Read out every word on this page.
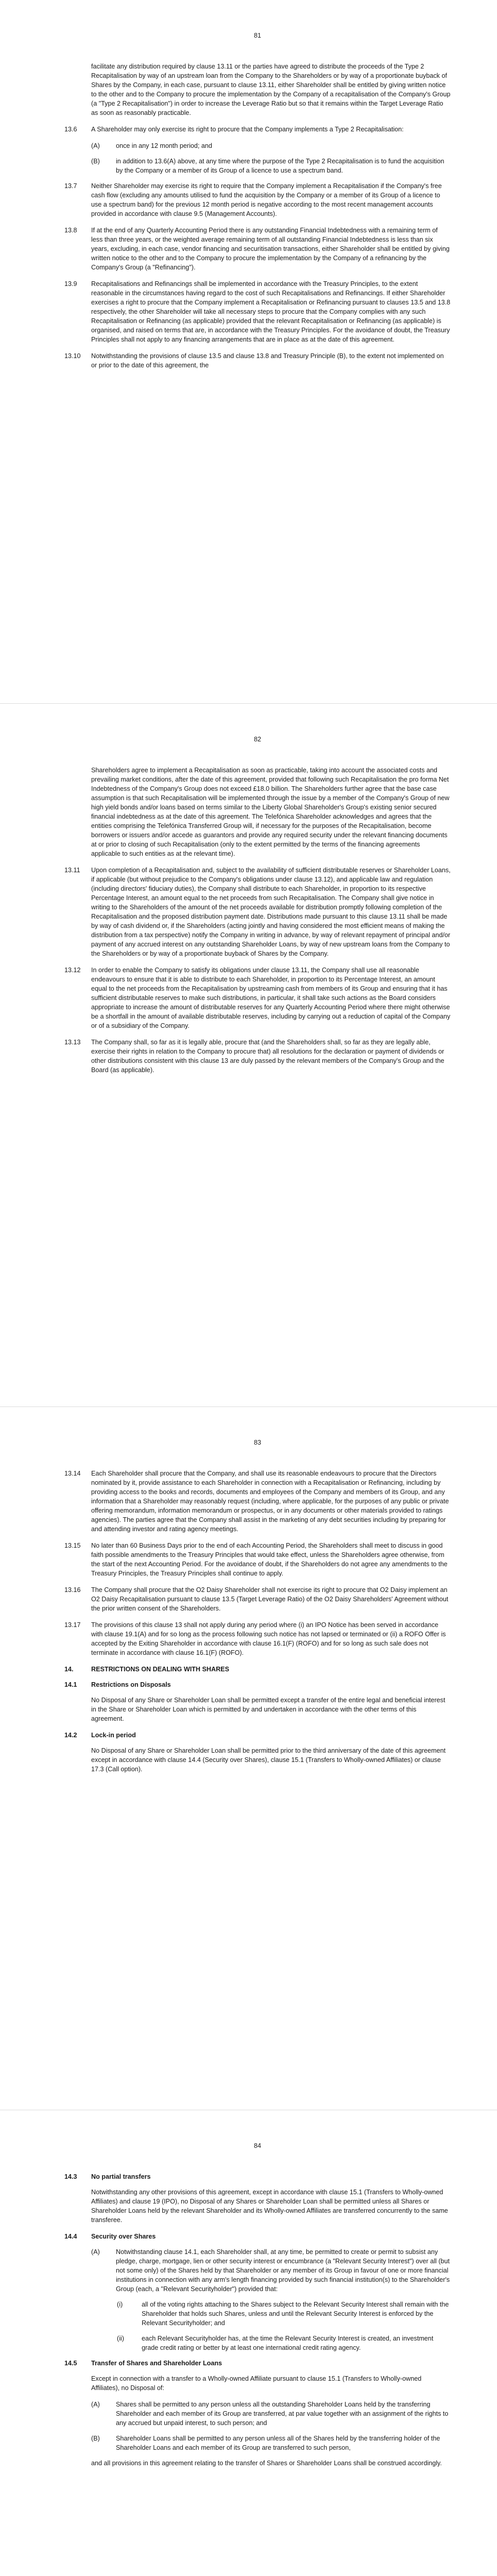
81
facilitate any distribution required by clause 13.11 or the parties have agreed to distribute the proceeds of the Type 2 Recapitalisation by way of an upstream loan from the Company to the Shareholders or by way of a proportionate buyback of Shares by the Company, in each case, pursuant to clause 13.11, either Shareholder shall be entitled by giving written notice to the other and to the Company to procure the implementation by the Company of a recapitalisation of the Company's Group (a "Type 2 Recapitalisation") in order to increase the Leverage Ratio but so that it remains within the Target Leverage Ratio as soon as reasonably practicable.
13.6 A Shareholder may only exercise its right to procure that the Company implements a Type 2 Recapitalisation:
(A) once in any 12 month period; and
(B) in addition to 13.6(A) above, at any time where the purpose of the Type 2 Recapitalisation is to fund the acquisition by the Company or a member of its Group of a licence to use a spectrum band.
13.7 Neither Shareholder may exercise its right to require that the Company implement a Recapitalisation if the Company's free cash flow (excluding any amounts utilised to fund the acquisition by the Company or a member of its Group of a licence to use a spectrum band) for the previous 12 month period is negative according to the most recent management accounts provided in accordance with clause 9.5 (Management Accounts).
13.8 If at the end of any Quarterly Accounting Period there is any outstanding Financial Indebtedness with a remaining term of less than three years, or the weighted average remaining term of all outstanding Financial Indebtedness is less than six years, excluding, in each case, vendor financing and securitisation transactions, either Shareholder shall be entitled by giving written notice to the other and to the Company to procure the implementation by the Company of a refinancing by the Company's Group (a "Refinancing").
13.9 Recapitalisations and Refinancings shall be implemented in accordance with the Treasury Principles, to the extent reasonable in the circumstances having regard to the cost of such Recapitalisations and Refinancings. If either Shareholder exercises a right to procure that the Company implement a Recapitalisation or Refinancing pursuant to clauses 13.5 and 13.8 respectively, the other Shareholder will take all necessary steps to procure that the Company complies with any such Recapitalisation or Refinancing (as applicable) provided that the relevant Recapitalisation or Refinancing (as applicable) is organised, and raised on terms that are, in accordance with the Treasury Principles. For the avoidance of doubt, the Treasury Principles shall not apply to any financing arrangements that are in place as at the date of this agreement.
13.10 Notwithstanding the provisions of clause 13.5 and clause 13.8 and Treasury Principle (B), to the extent not implemented on or prior to the date of this agreement, the
82
Shareholders agree to implement a Recapitalisation as soon as practicable, taking into account the associated costs and prevailing market conditions, after the date of this agreement, provided that following such Recapitalisation the pro forma Net Indebtedness of the Company's Group does not exceed £18.0 billion. The Shareholders further agree that the base case assumption is that such Recapitalisation will be implemented through the issue by a member of the Company's Group of new high yield bonds and/or loans based on terms similar to the Liberty Global Shareholder's Group's existing senior secured financial indebtedness as at the date of this agreement. The Telefónica Shareholder acknowledges and agrees that the entities comprising the Telefónica Transferred Group will, if necessary for the purposes of the Recapitalisation, become borrowers or issuers and/or accede as guarantors and provide any required security under the relevant financing documents at or prior to closing of such Recapitalisation (only to the extent permitted by the terms of the financing agreements applicable to such entities as at the relevant time).
13.11 Upon completion of a Recapitalisation and, subject to the availability of sufficient distributable reserves or Shareholder Loans, if applicable (but without prejudice to the Company's obligations under clause 13.12), and applicable law and regulation (including directors' fiduciary duties), the Company shall distribute to each Shareholder, in proportion to its respective Percentage Interest, an amount equal to the net proceeds from such Recapitalisation. The Company shall give notice in writing to the Shareholders of the amount of the net proceeds available for distribution promptly following completion of the Recapitalisation and the proposed distribution payment date. Distributions made pursuant to this clause 13.11 shall be made by way of cash dividend or, if the Shareholders (acting jointly and having considered the most efficient means of making the distribution from a tax perspective) notify the Company in writing in advance, by way of relevant repayment of principal and/or payment of any accrued interest on any outstanding Shareholder Loans, by way of new upstream loans from the Company to the Shareholders or by way of a proportionate buyback of Shares by the Company.
13.12 In order to enable the Company to satisfy its obligations under clause 13.11, the Company shall use all reasonable endeavours to ensure that it is able to distribute to each Shareholder, in proportion to its Percentage Interest, an amount equal to the net proceeds from the Recapitalisation by upstreaming cash from members of its Group and ensuring that it has sufficient distributable reserves to make such distributions, in particular, it shall take such actions as the Board considers appropriate to increase the amount of distributable reserves for any Quarterly Accounting Period where there might otherwise be a shortfall in the amount of available distributable reserves, including by carrying out a reduction of capital of the Company or of a subsidiary of the Company.
13.13 The Company shall, so far as it is legally able, procure that (and the Shareholders shall, so far as they are legally able, exercise their rights in relation to the Company to procure that) all resolutions for the declaration or payment of dividends or other distributions consistent with this clause 13 are duly passed by the relevant members of the Company's Group and the Board (as applicable).
83
13.14 Each Shareholder shall procure that the Company, and shall use its reasonable endeavours to procure that the Directors nominated by it, provide assistance to each Shareholder in connection with a Recapitalisation or Refinancing, including by providing access to the books and records, documents and employees of the Company and members of its Group, and any information that a Shareholder may reasonably request (including, where applicable, for the purposes of any public or private offering memorandum, information memorandum or prospectus, or in any documents or other materials provided to ratings agencies). The parties agree that the Company shall assist in the marketing of any debt securities including by preparing for and attending investor and rating agency meetings.
13.15 No later than 60 Business Days prior to the end of each Accounting Period, the Shareholders shall meet to discuss in good faith possible amendments to the Treasury Principles that would take effect, unless the Shareholders agree otherwise, from the start of the next Accounting Period. For the avoidance of doubt, if the Shareholders do not agree any amendments to the Treasury Principles, the Treasury Principles shall continue to apply.
13.16 The Company shall procure that the O2 Daisy Shareholder shall not exercise its right to procure that O2 Daisy implement an O2 Daisy Recapitalisation pursuant to clause 13.5 (Target Leverage Ratio) of the O2 Daisy Shareholders' Agreement without the prior written consent of the Shareholders.
13.17 The provisions of this clause 13 shall not apply during any period where (i) an IPO Notice has been served in accordance with clause 19.1(A) and for so long as the process following such notice has not lapsed or terminated or (ii) a ROFO Offer is accepted by the Exiting Shareholder in accordance with clause 16.1(F) (ROFO) and for so long as such sale does not terminate in accordance with clause 16.1(F) (ROFO).
14.	RESTRICTIONS ON DEALING WITH SHARES
14.1 Restrictions on Disposals
No Disposal of any Share or Shareholder Loan shall be permitted except a transfer of the entire legal and beneficial interest in the Share or Shareholder Loan which is permitted by and undertaken in accordance with the other terms of this agreement.
14.2 Lock-in period
No Disposal of any Share or Shareholder Loan shall be permitted prior to the third anniversary of the date of this agreement except in accordance with clause 14.4 (Security over Shares), clause 15.1 (Transfers to Wholly-owned Affiliates) or clause 17.3 (Call option).
84
14.3 No partial transfers
Notwithstanding any other provisions of this agreement, except in accordance with clause 15.1 (Transfers to Wholly-owned Affiliates) and clause 19 (IPO), no Disposal of any Shares or Shareholder Loan shall be permitted unless all Shares or Shareholder Loans held by the relevant Shareholder and its Wholly-owned Affiliates are transferred concurrently to the same transferee.
14.4 Security over Shares
(A) Notwithstanding clause 14.1, each Shareholder shall, at any time, be permitted to create or permit to subsist any pledge, charge, mortgage, lien or other security interest or encumbrance (a "Relevant Security Interest") over all (but not some only) of the Shares held by that Shareholder or any member of its Group in favour of one or more financial institutions in connection with any arm's length financing provided by such financial institution(s) to the Shareholder's Group (each, a "Relevant Securityholder") provided that:
(i)	all of the voting rights attaching to the Shares subject to the Relevant Security Interest shall remain with the Shareholder that holds such Shares, unless and until the Relevant Security Interest is enforced by the Relevant Securityholder; and
(ii)	each Relevant Securityholder has, at the time the Relevant Security Interest is created, an investment grade credit rating or better by at least one international credit rating agency.
14.5 Transfer of Shares and Shareholder Loans
Except in connection with a transfer to a Wholly-owned Affiliate pursuant to clause 15.1 (Transfers to Wholly-owned Affiliates), no Disposal of:
(A) Shares shall be permitted to any person unless all the outstanding Shareholder Loans held by the transferring Shareholder and each member of its Group are transferred, at par value together with an assignment of the rights to any accrued but unpaid interest, to such person; and
(B) Shareholder Loans shall be permitted to any person unless all of the Shares held by the transferring holder of the Shareholder Loans and each member of its Group are transferred to such person,
and all provisions in this agreement relating to the transfer of Shares or Shareholder Loans shall be construed accordingly.
